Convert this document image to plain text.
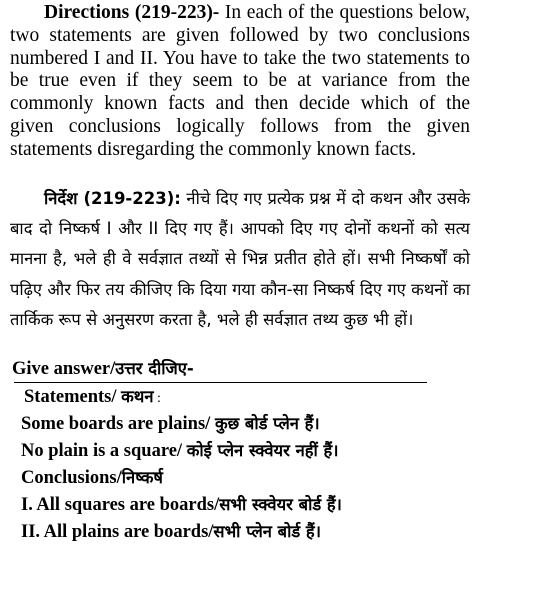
Directions (219-223)- In each of the questions below, two statements are given followed by two conclusions numbered I and II. You have to take the two statements to be true even if they seem to be at variance from the commonly known facts and then decide which of the given conclusions logically follows from the given statements disregarding the commonly known facts.

निर्देश (219-223): नीचे दिए गए प्रत्येक प्रश्न में दो कथन और उसके बाद दो निष्कर्ष I और II दिए गए हैं। आपको दिए गए दोनों कथनों को सत्य मानना है, भले ही वे सर्वज्ञात तथ्यों से भिन्न प्रतीत होते हों। सभी निष्कर्षों को पढ़िए और फिर तय कीजिए कि दिया गया कौन-सा निष्कर्ष दिए गए कथनों का तार्किक रूप से अनुसरण करता है, भले ही सर्वज्ञात तथ्य कुछ भी हों।

Give answer/उत्तर दीजिए-
Statements/ कथन :
Some boards are plains/ कुछ बोर्ड प्लेन हैं।
No plain is a square/ कोई प्लेन स्क्वेयर नहीं हैं।
Conclusions/निष्कर्ष
I. All squares are boards/सभी स्क्वेयर बोर्ड हैं।
II. All plains are boards/सभी प्लेन बोर्ड हैं।
